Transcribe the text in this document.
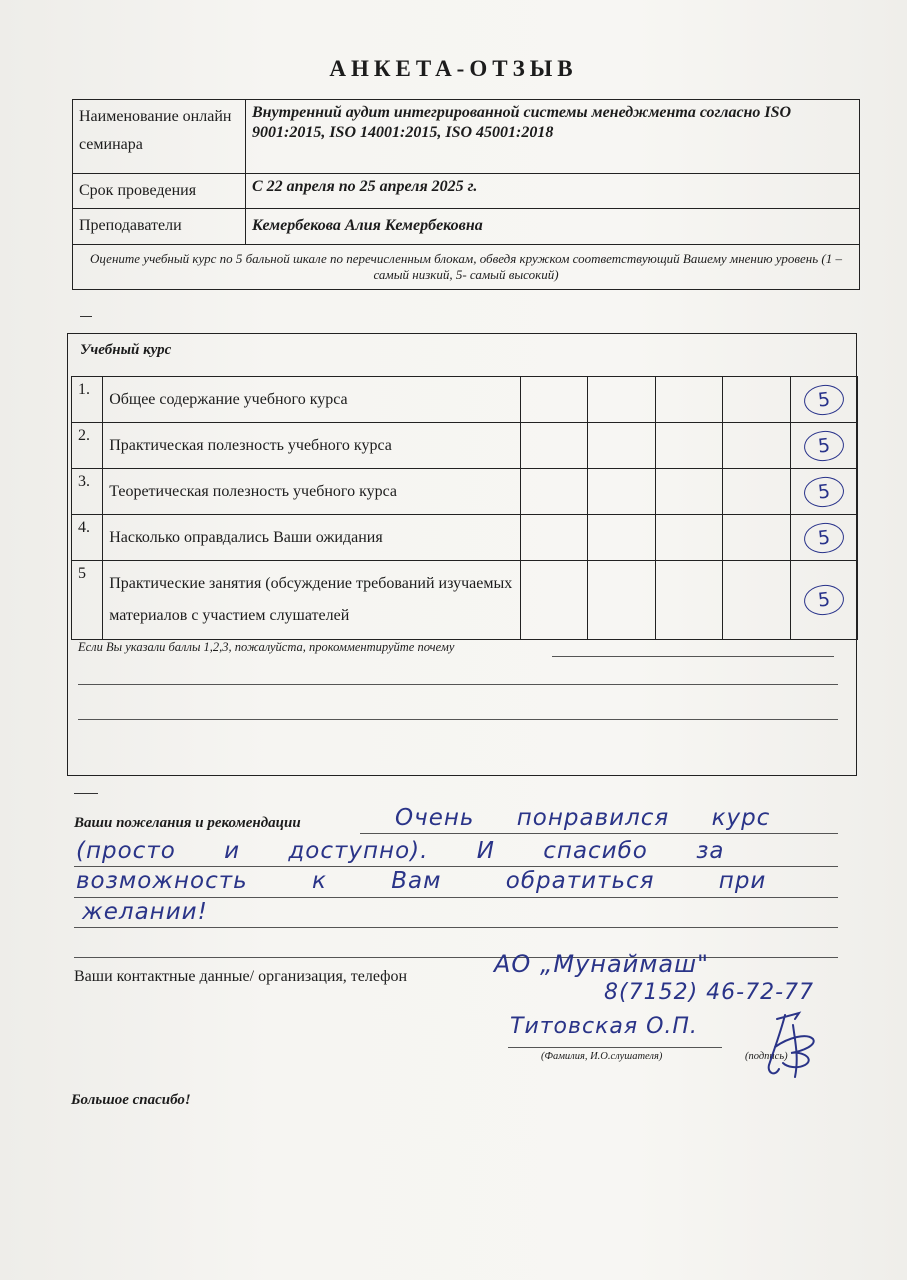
АНКЕТА-ОТЗЫВ
Наименование онлайн семинара	Внутренний аудит интегрированной системы менеджмента согласно ISO 9001:2015, ISO 14001:2015, ISO 45001:2018
Срок проведения	С 22 апреля по 25 апреля 2025 г.
Преподаватели	Кемербекова Алия Кемербековна
Оцените учебный курс по 5 бальной шкале по перечисленным блокам, обведя кружком соответствующий Вашему мнению уровень (1 – самый низкий, 5- самый высокий)	
Учебный курс
1.	Общее содержание учебного курса					5
2.	Практическая полезность учебного курса					5
3.	Теоретическая полезность учебного курса					5
4.	Насколько оправдались Ваши ожидания					5
5	Практические занятия (обсуждение требований изучаемых материалов с участием слушателей					5
Если Вы указали баллы 1,2,3, пожалуйста, прокомментируйте почему
Ваши пожелания и рекомендации	Очень понравился курс
(просто и доступно). И спасибо за
возможность к Вам обратиться при
желании!
Ваши контактные данные/ организация, телефон	АО „Мунаймаш"
8(7152) 46-72-77
Титовская О.П.
(Фамилия, И.О.слушателя)	(подпись)
Большое спасибо!
